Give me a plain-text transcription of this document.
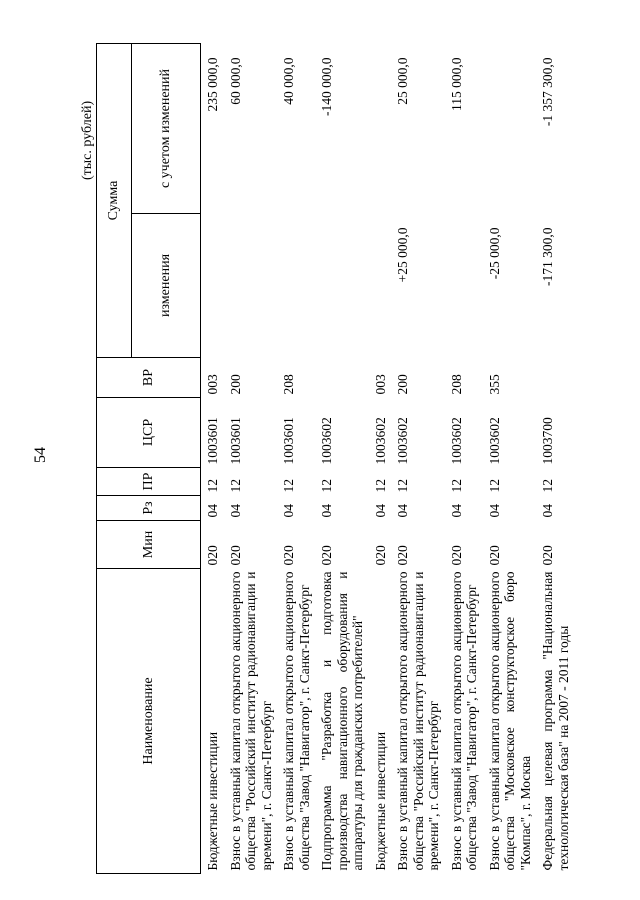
54
(тыс. рублей)
Наименование	Мин	Рз	ПР	ЦСР	ВР	Сумма	
						изменения	с учетом изменений
Бюджетные инвестиции	020	04	12	1003601	003		235 000,0
Взнос в уставный капитал открытого акционерного общества "Российский институт радионавигации и времени", г. Санкт-Петербург	020	04	12	1003601	200		60 000,0
Взнос в уставный капитал открытого акционерного общества "Завод "Навигатор", г. Санкт-Петербург	020	04	12	1003601	208		40 000,0
Подпрограмма "Разработка и подготовка производства навигационного оборудования и аппаратуры для гражданских потребителей"	020	04	12	1003602			-140 000,0
Бюджетные инвестиции	020	04	12	1003602	003		
Взнос в уставный капитал открытого акционерного общества "Российский институт радионавигации и времени", г. Санкт-Петербург	020	04	12	1003602	200	+25 000,0	25 000,0
Взнос в уставный капитал открытого акционерного общества "Завод "Навигатор", г. Санкт-Петербург	020	04	12	1003602	208		115 000,0
Взнос в уставный капитал открытого акционерного общества "Московское конструкторское бюро "Компас", г. Москва	020	04	12	1003602	355	-25 000,0	
Федеральная целевая программа "Национальная технологическая база" на 2007 - 2011 годы	020	04	12	1003700		-171 300,0	-1 357 300,0
